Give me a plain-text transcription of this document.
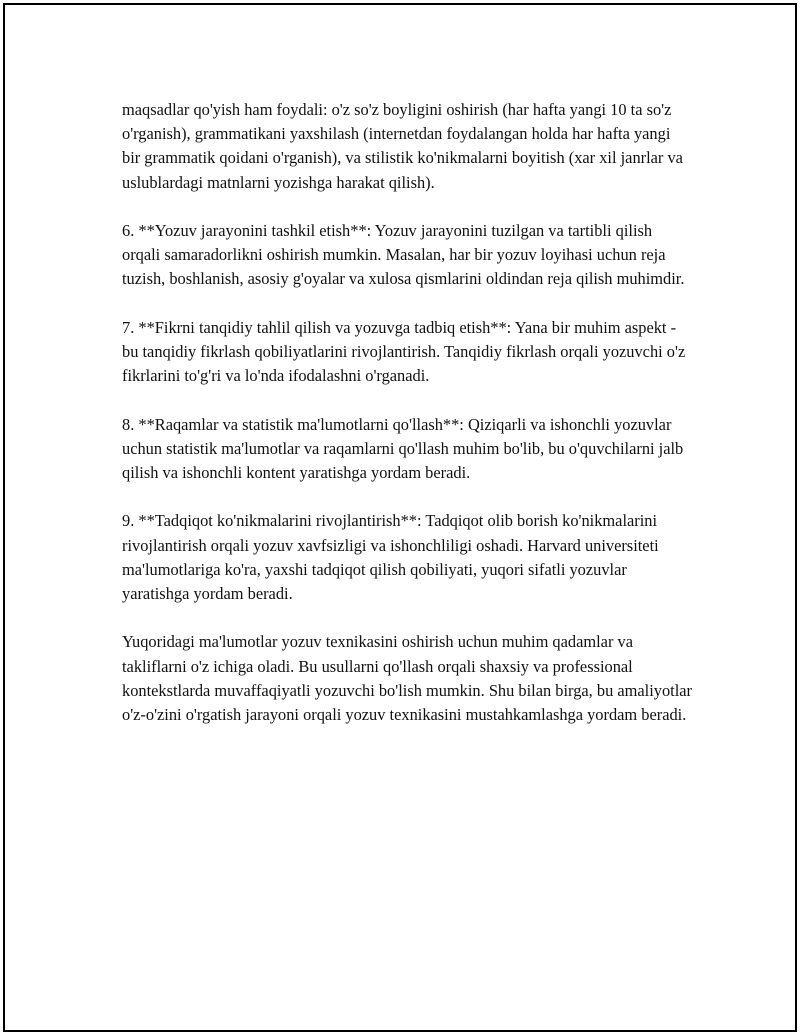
maqsadlar qo'yish ham foydali: o'z so'z boyligini oshirish (har hafta yangi 10 ta so'z o'rganish), grammatikani yaxshilash (internetdan foydalangan holda har hafta yangi bir grammatik qoidani o'rganish), va stilistik ko'nikmalarni boyitish (xar xil janrlar va uslublardagi matnlarni yozishga harakat qilish).

6. **Yozuv jarayonini tashkil etish**: Yozuv jarayonini tuzilgan va tartibli qilish orqali samaradorlikni oshirish mumkin. Masalan, har bir yozuv loyihasi uchun reja tuzish, boshlanish, asosiy g'oyalar va xulosa qismlarini oldindan reja qilish muhimdir.

7. **Fikrni tanqidiy tahlil qilish va yozuvga tadbiq etish**: Yana bir muhim aspekt - bu tanqidiy fikrlash qobiliyatlarini rivojlantirish. Tanqidiy fikrlash orqali yozuvchi o'z fikrlarini to'g'ri va lo'nda ifodalashni o'rganadi.

8. **Raqamlar va statistik ma'lumotlarni qo'llash**: Qiziqarli va ishonchli yozuvlar uchun statistik ma'lumotlar va raqamlarni qo'llash muhim bo'lib, bu o'quvchilarni jalb qilish va ishonchli kontent yaratishga yordam beradi.

9. **Tadqiqot ko'nikmalarini rivojlantirish**: Tadqiqot olib borish ko'nikmalarini rivojlantirish orqali yozuv xavfsizligi va ishonchliligi oshadi. Harvard universiteti ma'lumotlariga ko'ra, yaxshi tadqiqot qilish qobiliyati, yuqori sifatli yozuvlar yaratishga yordam beradi.

Yuqoridagi ma'lumotlar yozuv texnikasini oshirish uchun muhim qadamlar va takliflarni o'z ichiga oladi. Bu usullarni qo'llash orqali shaxsiy va professional kontekstlarda muvaffaqiyatli yozuvchi bo'lish mumkin. Shu bilan birga, bu amaliyotlar o'z-o'zini o'rgatish jarayoni orqali yozuv texnikasini mustahkamlashga yordam beradi.
